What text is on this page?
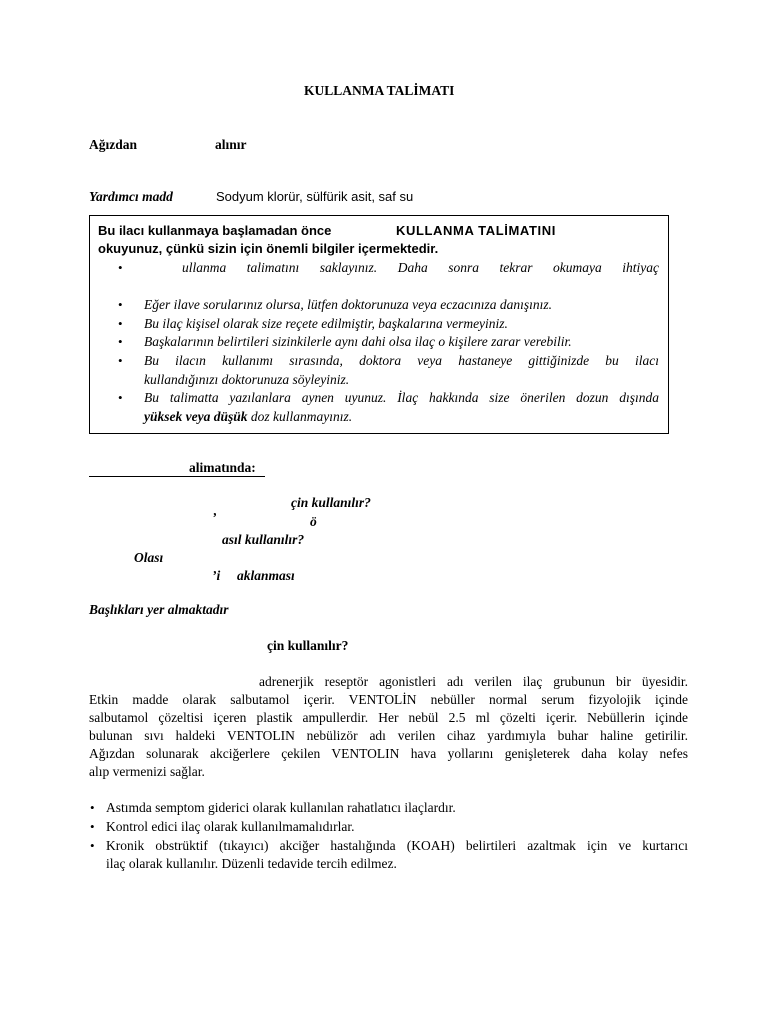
KULLANMA TALİMATI
Ağızdan	alınır
Yardımcı madd	Sodyum klorür, sülfürik asit, saf su
Bu ilacı kullanmaya başlamadan önce	KULLANMA TALİMATINI
okuyunuz, çünkü sizin için önemli bilgiler içermektedir.
•	ullanma talimatını saklayınız. Daha sonra tekrar okumaya ihtiyaç
• Eğer ilave sorularınız olursa, lütfen doktorunuza veya eczacınıza danışınız.
• Bu ilaç kişisel olarak size reçete edilmiştir, başkalarına vermeyiniz.
• Başkalarının belirtileri sizinkilerle aynı dahi olsa ilaç o kişilere zarar verebilir.
• Bu ilacın kullanımı sırasında, doktora veya hastaneye gittiğinizde bu ilacı
kullandığınızı doktorunuza söyleyiniz.
• Bu talimatta yazılanlara aynen uyunuz. İlaç hakkında size önerilen dozun dışında
yüksek veya düşük doz kullanmayınız.
alimatında:
çin kullanılır?
’	ö
asıl kullanılır?
Olası
’i aklanması
Başlıkları yer almaktadır
çin kullanılır?
adrenerjik reseptör agonistleri adı verilen ilaç grubunun bir üyesidir.
Etkin madde olarak salbutamol içerir. VENTOLİN nebüller normal serum fizyolojik içinde
salbutamol çözeltisi içeren plastik ampullerdir. Her nebül 2.5 ml çözelti içerir. Nebüllerin içinde
bulunan sıvı haldeki VENTOLIN nebülizör adı verilen cihaz yardımıyla buhar haline getirilir.
Ağızdan solunarak akciğerlere çekilen VENTOLIN hava yollarını genişleterek daha kolay nefes
alıp vermenizi sağlar.
• Astımda semptom giderici olarak kullanılan rahatlatıcı ilaçlardır.
• Kontrol edici ilaç olarak kullanılmamalıdırlar.
• Kronik obstrüktif (tıkayıcı) akciğer hastalığında (KOAH) belirtileri azaltmak için ve kurtarıcı
ilaç olarak kullanılır. Düzenli tedavide tercih edilmez.
